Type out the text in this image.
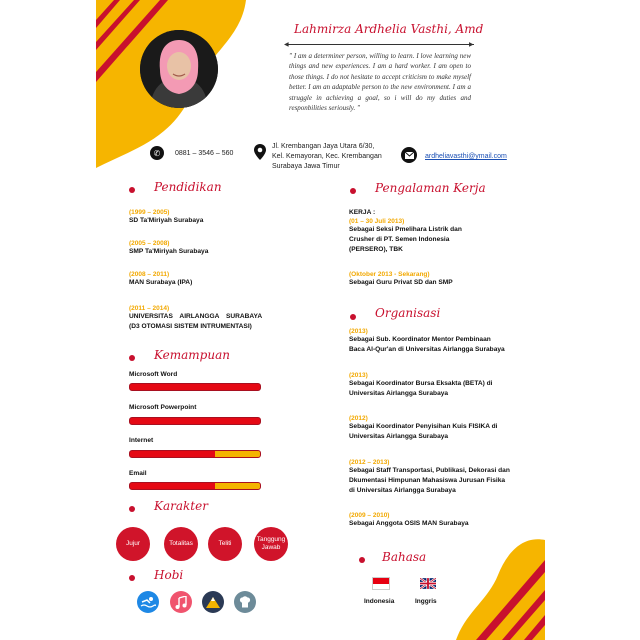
Lahmirza Ardhelia Vasthi, Amd
◀	▶
" I am a determiner person, willing to learn. I love learning new things and new experiences. I am a hard worker. I am open to those things. I do not hesitate to accept criticism to make myself better. I am an adaptable person to the new environment. I am a struggle in achieving a goal, so i will do my duties and responbilities seriously. "
✆	0881 – 3546 – 560
Jl. Krembangan Jaya Utara 6/30,
Kel. Kemayoran, Kec. Krembangan
Surabaya Jawa Timur
ardheliavasthi@ymail.com
Pendidikan
(1999 – 2005)
SD Ta'Miriyah Surabaya
(2005 – 2008)
SMP Ta'Miriyah Surabaya
(2008 – 2011)
MAN Surabaya (IPA)
(2011 – 2014)
UNIVERSITAS AIRLANGGA SURABAYA
(D3 OTOMASI SISTEM INTRUMENTASI)
Kemampuan
Microsoft Word
Microsoft Powerpoint
Internet
Email
Karakter
Jujur	Totalitas	Teliti
Tanggung Jawab
Hobi
Pengalaman Kerja
KERJA :
(01 – 30 Juli 2013)
Sebagai Seksi Pmelihara Listrik dan
Crusher di PT. Semen Indonesia
(PERSERO), TBK
(Oktober 2013 - Sekarang)
Sebagai Guru Privat SD dan SMP
Organisasi
(2013)
Sebagai Sub. Koordinator Mentor Pembinaan
Baca Al-Qur'an di Universitas Airlangga Surabaya
(2013)
Sebagai Koordinator Bursa Eksakta (BETA) di
Universitas Airlangga Surabaya
(2012)
Sebagai Koordinator Penyisihan Kuis FISIKA di
Universitas Airlangga Surabaya
(2012 – 2013)
Sebagai Staff Transportasi, Publikasi, Dekorasi dan
Dkumentasi Himpunan Mahasiswa Jurusan Fisika
di Universitas Airlangga Surabaya
(2009 – 2010)
Sebagai Anggota OSIS MAN Surabaya
Bahasa
Indonesia	Inggris
